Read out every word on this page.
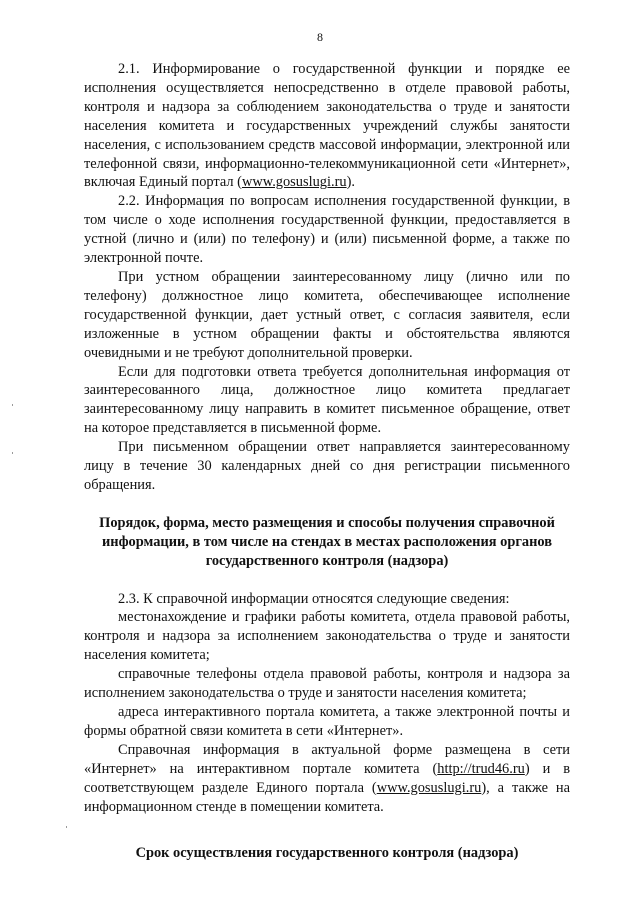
8

2.1. Информирование о государственной функции и порядке ее исполнения осуществляется непосредственно в отделе правовой работы, контроля и надзора за соблюдением законодательства о труде и занятости населения комитета и государственных учреждений службы занятости населения, с использованием средств массовой информации, электронной или телефонной связи, информационно-телекоммуникационной сети «Интернет», включая Единый портал (www.gosuslugi.ru).

2.2. Информация по вопросам исполнения государственной функции, в том числе о ходе исполнения государственной функции, предоставляется в устной (лично и (или) по телефону) и (или) письменной форме, а также по электронной почте.

При устном обращении заинтересованному лицу (лично или по телефону) должностное лицо комитета, обеспечивающее исполнение государственной функции, дает устный ответ, с согласия заявителя, если изложенные в устном обращении факты и обстоятельства являются очевидными и не требуют дополнительной проверки.

Если для подготовки ответа требуется дополнительная информация от заинтересованного лица, должностное лицо комитета предлагает заинтересованному лицу направить в комитет письменное обращение, ответ на которое представляется в письменной форме.

При письменном обращении ответ направляется заинтересованному лицу в течение 30 календарных дней со дня регистрации письменного обращения.

Порядок, форма, место размещения и способы получения справочной информации, в том числе на стендах в местах расположения органов государственного контроля (надзора)

2.3. К справочной информации относятся следующие сведения:

местонахождение и графики работы комитета, отдела правовой работы, контроля и надзора за исполнением законодательства о труде и занятости населения комитета;

справочные телефоны отдела правовой работы, контроля и надзора за исполнением законодательства о труде и занятости населения комитета;

адреса интерактивного портала комитета, а также электронной почты и формы обратной связи комитета в сети «Интернет».

Справочная информация в актуальной форме размещена в сети «Интернет» на интерактивном портале комитета (http://trud46.ru) и в соответствующем разделе Единого портала (www.gosuslugi.ru), а также на информационном стенде в помещении комитета.

Срок осуществления государственного контроля (надзора)
